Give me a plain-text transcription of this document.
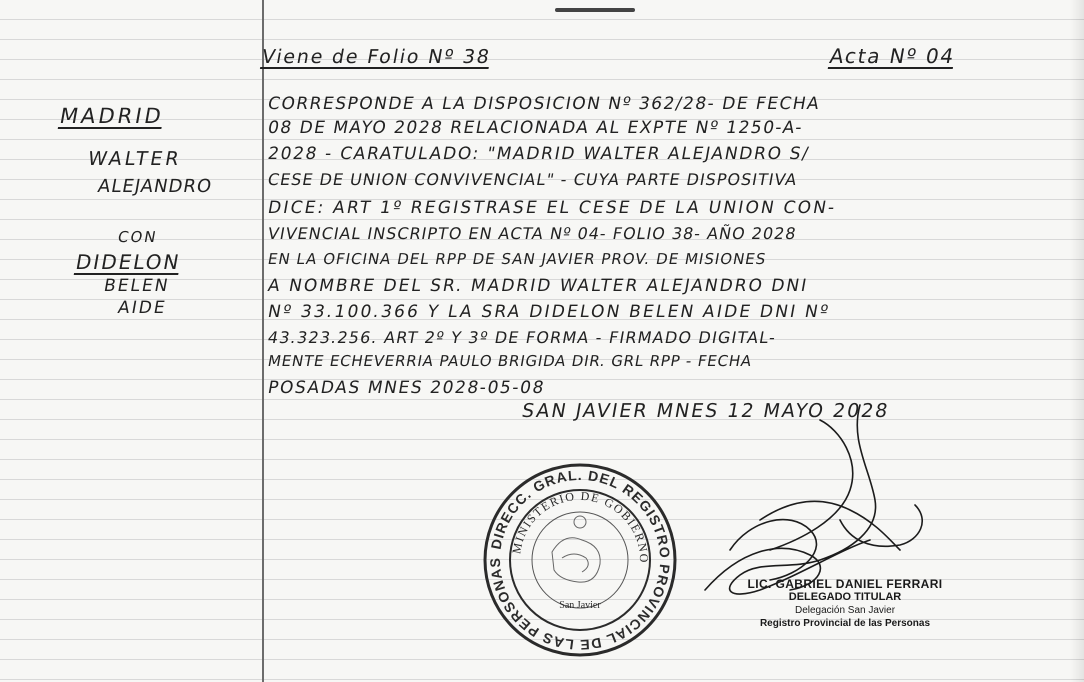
Viene de Folio Nº 38	Acta Nº 04
MADRID
WALTER
ALEJANDRO
CON
DIDELON
BELEN
AIDE
CORRESPONDE A LA DISPOSICION Nº 362/28- DE FECHA
08 DE MAYO 2028 RELACIONADA AL EXPTE Nº 1250-A-
2028 - CARATULADO: "MADRID WALTER ALEJANDRO S/
CESE DE UNION CONVIVENCIAL" - CUYA PARTE DISPOSITIVA
DICE: ART 1º REGISTRASE EL CESE DE LA UNION CON-
VIVENCIAL INSCRIPTO EN ACTA Nº 04- FOLIO 38- AÑO 2028
EN LA OFICINA DEL RPP DE SAN JAVIER PROV. DE MISIONES
A NOMBRE DEL SR. MADRID WALTER ALEJANDRO DNI
Nº 33.100.366 Y LA SRA DIDELON BELEN AIDE DNI Nº
43.323.256. ART 2º Y 3º DE FORMA - FIRMADO DIGITAL-
MENTE ECHEVERRIA PAULO BRIGIDA DIR. GRL RPP - FECHA
POSADAS MNES 2028-05-08
SAN JAVIER MNES 12 MAYO 2028
DIRECC. GRAL. DEL REGISTRO PROVINCIAL DE LAS PERSONAS
MINISTERIO DE GOBIERNO
San Javier
LIC. GABRIEL DANIEL FERRARI
DELEGADO TITULAR
Delegación San Javier
Registro Provincial de las Personas
